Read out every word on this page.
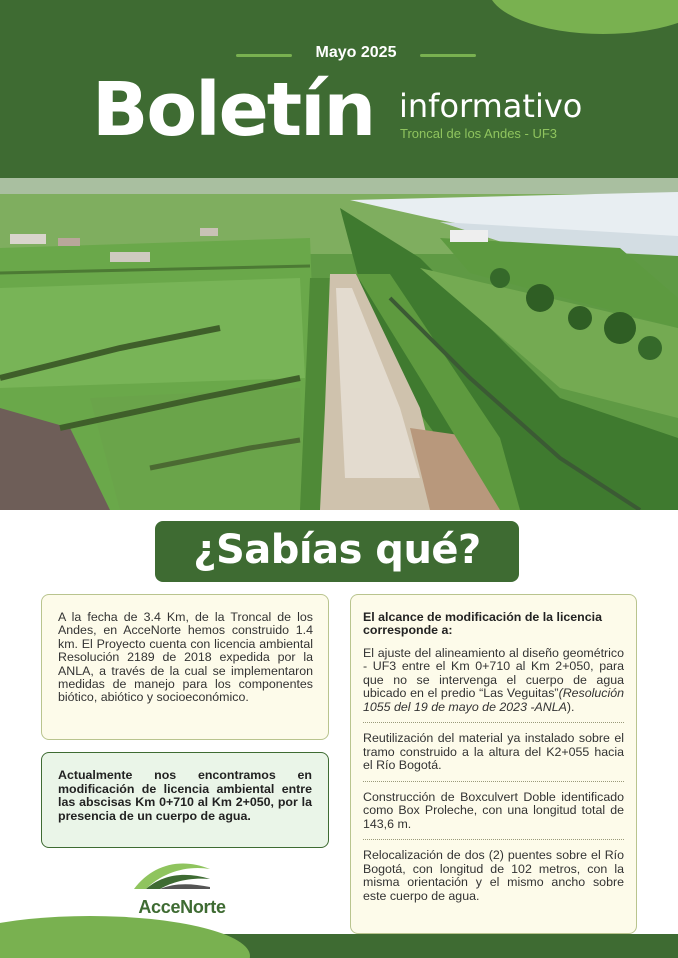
Mayo 2025
Boletín informativo
Troncal de los Andes - UF3
¿Sabías qué?

A la fecha de 3.4 Km, de la Troncal de los Andes, en AcceNorte hemos construido 1.4 km. El Proyecto cuenta con licencia ambiental Resolución 2189 de 2018 expedida por la ANLA, a través de la cual se implementaron medidas de manejo para los componentes biótico, abiótico y socioeconómico.

Actualmente nos encontramos en modificación de licencia ambiental entre las abscisas Km 0+710 al Km 2+050, por la presencia de un cuerpo de agua.

AcceNorte
El alcance de modificación de la licencia corresponde a:
El ajuste del alineamiento al diseño geométrico - UF3 entre el Km 0+710 al Km 2+050, para que no se intervenga el cuerpo de agua ubicado en el predio “Las Veguitas”(Resolución 1055 del 19 de mayo de 2023 -ANLA).
Reutilización del material ya instalado sobre el tramo construido a la altura del K2+055 hacia el Río Bogotá.
Construcción de Boxculvert Doble identificado como Box Proleche, con una longitud total de 143,6 m.
Relocalización de dos (2) puentes sobre el Río Bogotá, con longitud de 102 metros, con la misma orientación y el mismo ancho sobre este cuerpo de agua.
